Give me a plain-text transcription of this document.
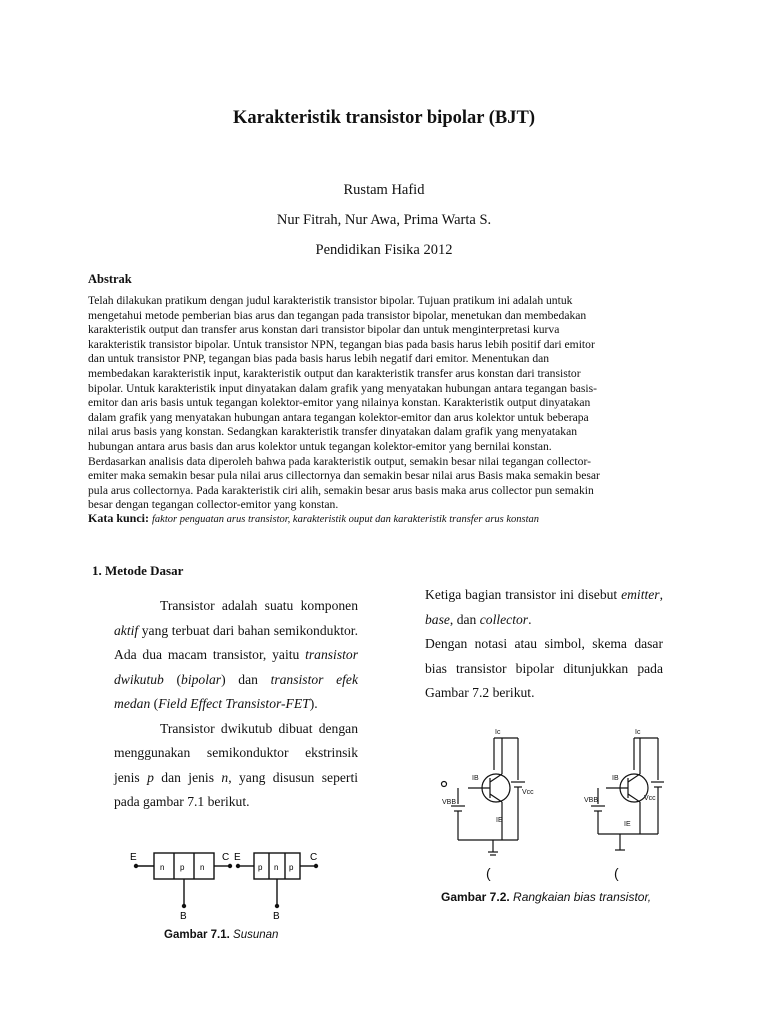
Karakteristik transistor bipolar (BJT)
Rustam Hafid
Nur Fitrah, Nur Awa, Prima Warta S.
Pendidikan Fisika 2012
Abstrak

Telah dilakukan pratikum dengan judul karakteristik transistor bipolar. Tujuan pratikum ini adalah untuk

mengetahui metode pemberian bias arus dan tegangan pada transistor bipolar, menetukan dan membedakan

karakteristik output dan transfer arus konstan dari transistor bipolar dan untuk menginterpretasi kurva

karakteristik transistor bipolar. Untuk transistor NPN, tegangan bias pada basis harus lebih positif dari emitor

dan untuk transistor PNP, tegangan bias pada basis harus lebih negatif dari emitor. Menentukan dan

membedakan karakteristik input, karakteristik output dan karakteristik transfer arus konstan dari transistor

bipolar. Untuk karakteristik input dinyatakan dalam grafik yang menyatakan hubungan antara tegangan basis-

emitor dan aris basis untuk tegangan kolektor-emitor yang nilainya konstan. Karakteristik output dinyatakan

dalam grafik yang menyatakan hubungan antara tegangan kolektor-emitor dan arus kolektor untuk beberapa

nilai arus basis yang konstan. Sedangkan karakteristik transfer dinyatakan dalam grafik yang menyatakan

hubungan antara arus basis dan arus kolektor untuk tegangan kolektor-emitor yang bernilai konstan.

Berdasarkan analisis data diperoleh bahwa pada karakteristik output, semakin besar nilai tegangan collector-

emiter maka semakin besar pula nilai arus cillectornya dan semakin besar nilai arus Basis maka semakin besar

pula arus collectornya. Pada karakteristik ciri alih, semakin besar arus basis maka arus collector pun semakin

besar dengan tegangan collector-emitor yang konstan.

Kata kunci: faktor penguatan arus transistor, karakteristik ouput dan karakteristik transfer arus konstan
1. Metode Dasar

Transistor adalah suatu komponen aktif yang terbuat dari bahan semikonduktor. Ada dua macam transistor, yaitu transistor dwikutub (bipolar) dan transistor efek medan (Field Effect Transistor-FET).

Transistor dwikutub dibuat dengan menggunakan semikonduktor ekstrinsik jenis p dan jenis n, yang disusun seperti pada gambar 7.1 berikut.

Ketiga bagian transistor ini disebut emitter, base, dan collector.

Dengan notasi atau simbol, skema dasar bias transistor bipolar ditunjukkan pada Gambar 7.2 berikut.

E	C
B
n p n
E	C
B
p n p
Gambar 7.1. Susunan
Ic
IB
IE
Vcc
VBB
(
Ic
IB
IE
Vcc
VBB
(
Gambar 7.2. Rangkaian bias transistor,
